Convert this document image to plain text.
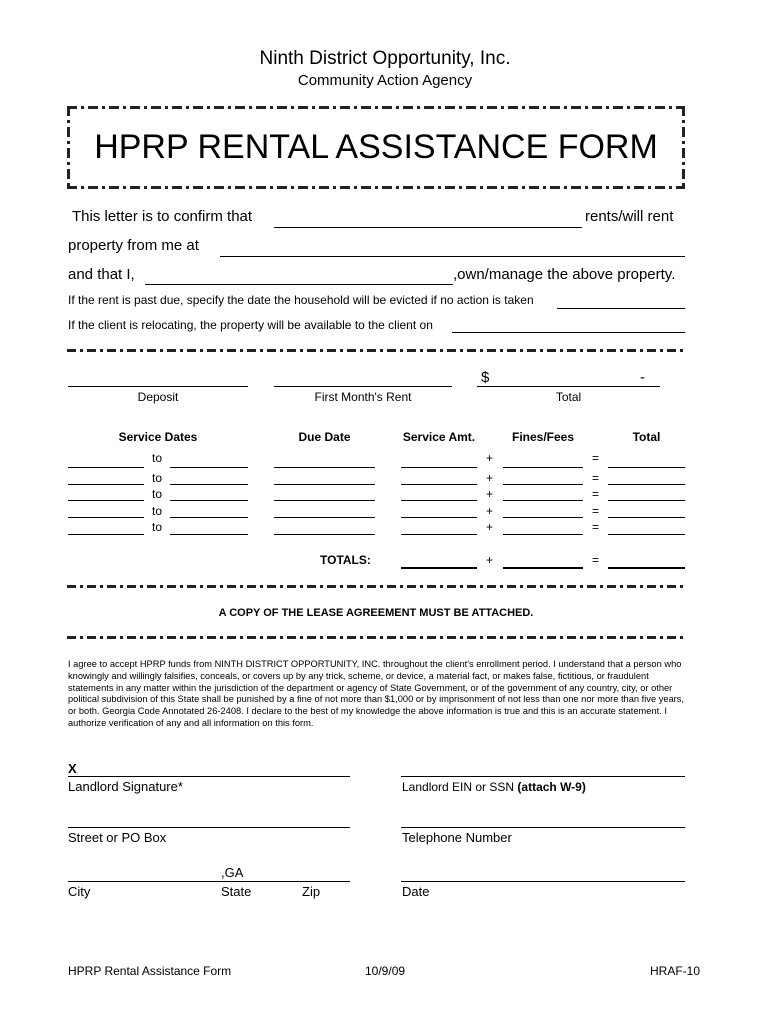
Ninth District Opportunity, Inc.
Community Action Agency
HPRP RENTAL ASSISTANCE FORM
This letter is to confirm that	rents/will rent
property from me at
and that I,	,own/manage the above property.
If the rent is past due, specify the date the household will be evicted if no action is taken
If the client is relocating, the property will be available to the client on
$	-
Deposit	First Month's Rent	Total
Service Dates	Due Date	Service Amt.	Fines/Fees	Total
to	+	=
to	+	=
to	+	=
to	+	=
to	+	=
TOTALS:	+	=
A COPY OF THE LEASE AGREEMENT MUST BE ATTACHED.
I agree to accept HPRP funds from NINTH DISTRICT OPPORTUNITY, INC. throughout the client's enrollment period. I understand that a person who knowingly and willingly falsifies, conceals, or covers up by any trick, scheme, or device, a material fact, or makes false, fictitious, or fraudulent statements in any matter within the jurisdiction of the department or agency of State Government, or of the government of any country, city, or other political subdivision of this State shall be punished by a fine of not more than $1,000 or by imprisonment of not less than one nor more than five years, or both. Georgia Code Annotated 26-2408. I declare to the best of my knowledge the above information is true and this is an accurate statement. I authorize verification of any and all information on this form.
X
Landlord Signature*	Landlord EIN or SSN (attach W-9)
Street or PO Box	Telephone Number
,GA
City	State	Zip	Date
HPRP Rental Assistance Form	10/9/09	HRAF-10
